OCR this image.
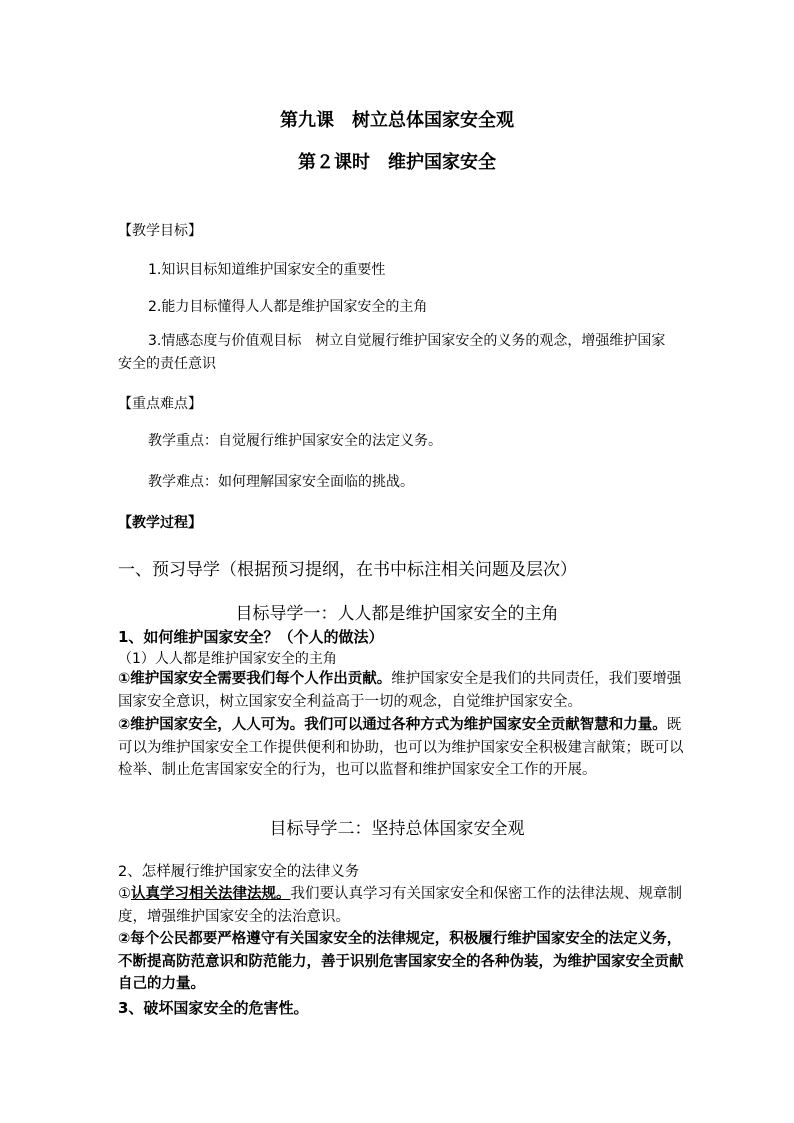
第九课　树立总体国家安全观
第２课时　维护国家安全
【教学目标】
1.知识目标知道维护国家安全的重要性
2.能力目标懂得人人都是维护国家安全的主角
3.情感态度与价值观目标　树立自觉履行维护国家安全的义务的观念，增强维护国家安全的责任意识
【重点难点】
教学重点：自觉履行维护国家安全的法定义务。
教学难点：如何理解国家安全面临的挑战。
【教学过程】
一、预习导学（根据预习提纲，在书中标注相关问题及层次）
目标导学一：人人都是维护国家安全的主角
1、如何维护国家安全？（个人的做法）
（1）人人都是维护国家安全的主角
①维护国家安全需要我们每个人作出贡献。维护国家安全是我们的共同责任，我们要增强国家安全意识，树立国家安全利益高于一切的观念，自觉维护国家安全。
②维护国家安全，人人可为。我们可以通过各种方式为维护国家安全贡献智慧和力量。既可以为维护国家安全工作提供便利和协助，也可以为维护国家安全积极建言献策；既可以检举、制止危害国家安全的行为，也可以监督和维护国家安全工作的开展。
目标导学二：坚持总体国家安全观
2、怎样履行维护国家安全的法律义务
①认真学习相关法律法规。我们要认真学习有关国家安全和保密工作的法律法规、规章制度，增强维护国家安全的法治意识。
②每个公民都要严格遵守有关国家安全的法律规定，积极履行维护国家安全的法定义务，不断提高防范意识和防范能力，善于识别危害国家安全的各种伪装，为维护国家安全贡献自己的力量。
3、破坏国家安全的危害性。
